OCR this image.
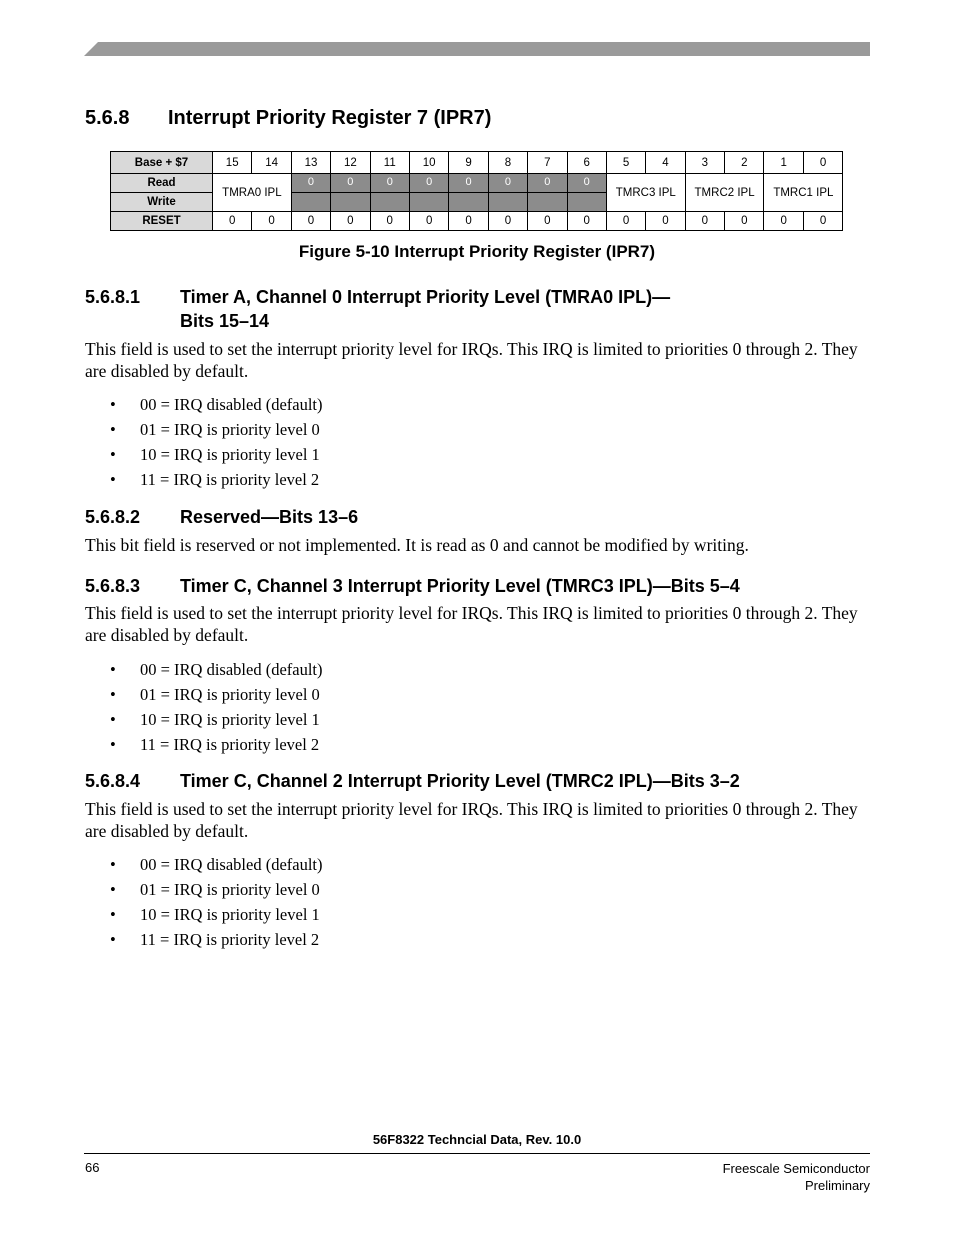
5.6.8 Interrupt Priority Register 7 (IPR7)
Base + $7	15	14	13	12	11	10	9	8	7	6	5	4	3	2	1	0
Read	TMRA0 IPL		0	0	0	0	0	0	0	0	TMRC3 IPL		TMRC2 IPL		TMRC1 IPL	
Write																
RESET	0	0	0	0	0	0	0	0	0	0	0	0	0	0	0	0
Figure 5-10 Interrupt Priority Register (IPR7)
5.6.8.1 Timer A, Channel 0 Interrupt Priority Level (TMRA0 IPL)—
Bits 15–14
This field is used to set the interrupt priority level for IRQs. This IRQ is limited to priorities 0 through 2. They are disabled by default.
• 00 = IRQ disabled (default)
• 01 = IRQ is priority level 0
• 10 = IRQ is priority level 1
• 11 = IRQ is priority level 2
5.6.8.2 Reserved—Bits 13–6
This bit field is reserved or not implemented. It is read as 0 and cannot be modified by writing.
5.6.8.3 Timer C, Channel 3 Interrupt Priority Level (TMRC3 IPL)—Bits 5–4
This field is used to set the interrupt priority level for IRQs. This IRQ is limited to priorities 0 through 2. They are disabled by default.
• 00 = IRQ disabled (default)
• 01 = IRQ is priority level 0
• 10 = IRQ is priority level 1
• 11 = IRQ is priority level 2
5.6.8.4 Timer C, Channel 2 Interrupt Priority Level (TMRC2 IPL)—Bits 3–2
This field is used to set the interrupt priority level for IRQs. This IRQ is limited to priorities 0 through 2. They are disabled by default.
• 00 = IRQ disabled (default)
• 01 = IRQ is priority level 0
• 10 = IRQ is priority level 1
• 11 = IRQ is priority level 2
56F8322 Techncial Data, Rev. 10.0
66	Freescale Semiconductor
Preliminary
